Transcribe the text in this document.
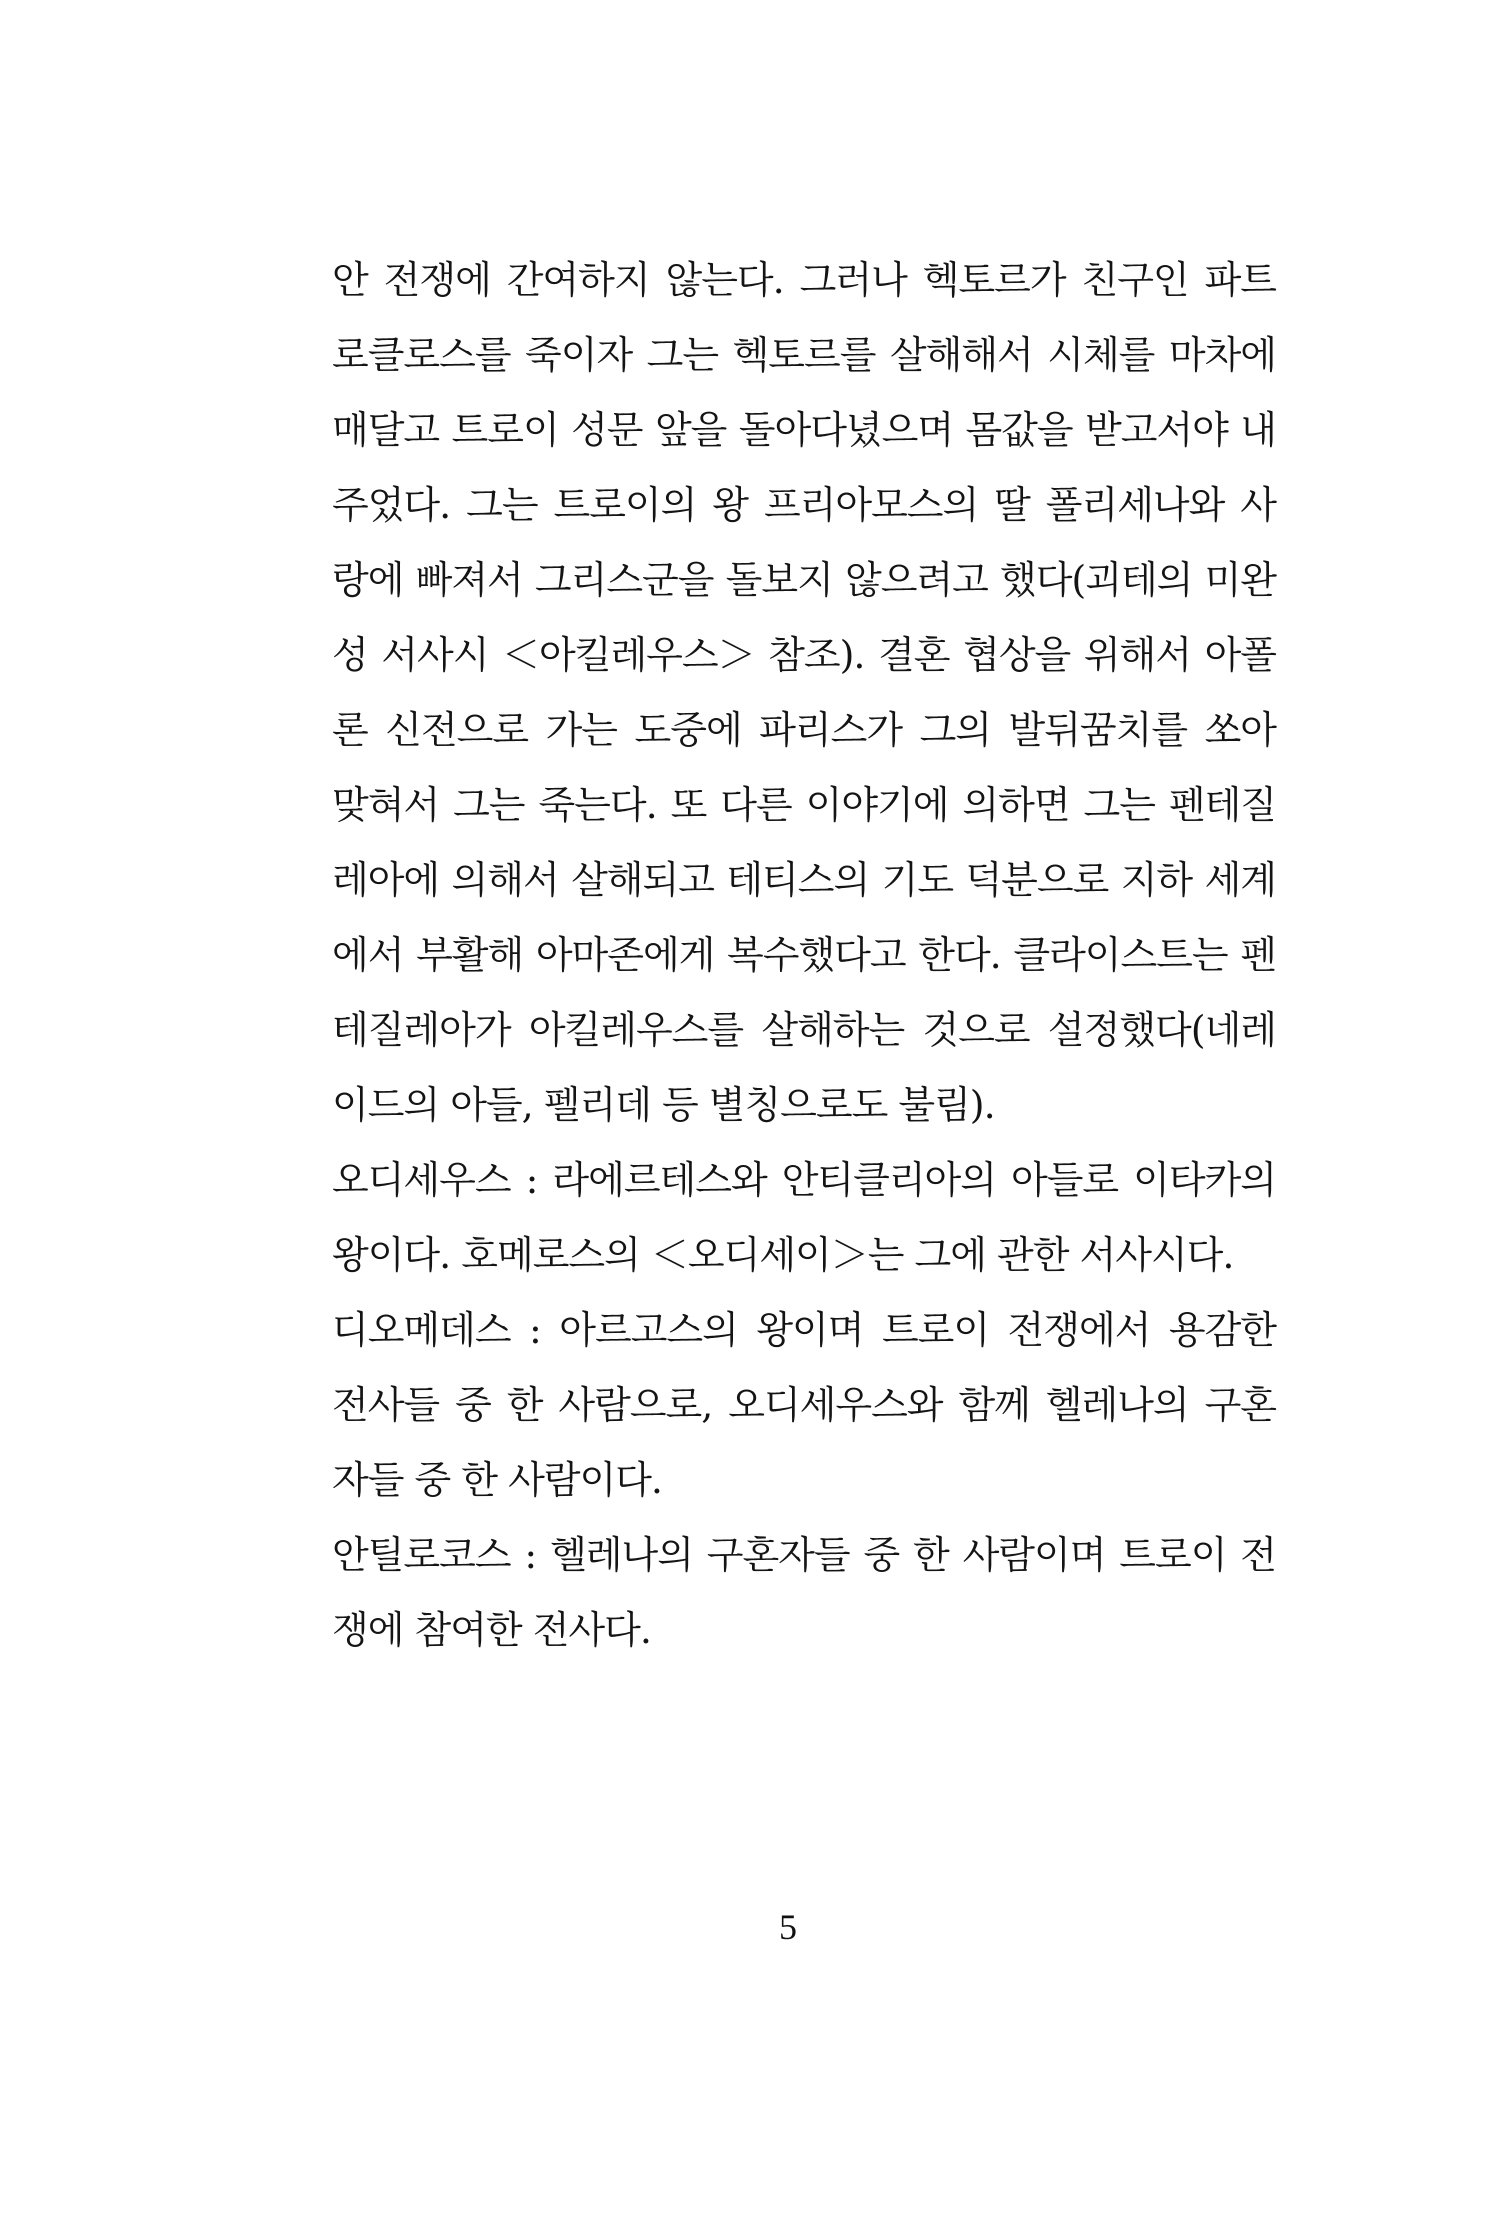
안 전쟁에 간여하지 않는다. 그러나 헥토르가 친구인 파트
로클로스를 죽이자 그는 헥토르를 살해해서 시체를 마차에
매달고 트로이 성문 앞을 돌아다녔으며 몸값을 받고서야 내
주었다. 그는 트로이의 왕 프리아모스의 딸 폴리세나와 사
랑에 빠져서 그리스군을 돌보지 않으려고 했다(괴테의 미완
성 서사시 ＜아킬레우스＞ 참조). 결혼 협상을 위해서 아폴
론 신전으로 가는 도중에 파리스가 그의 발뒤꿈치를 쏘아
맞혀서 그는 죽는다. 또 다른 이야기에 의하면 그는 펜테질
레아에 의해서 살해되고 테티스의 기도 덕분으로 지하 세계
에서 부활해 아마존에게 복수했다고 한다. 클라이스트는 펜
테질레아가 아킬레우스를 살해하는 것으로 설정했다(네레
이드의 아들, 펠리데 등 별칭으로도 불림).
오디세우스 : 라에르테스와 안티클리아의 아들로 이타카의
왕이다. 호메로스의 ＜오디세이＞는 그에 관한 서사시다.
디오메데스 : 아르고스의 왕이며 트로이 전쟁에서 용감한
전사들 중 한 사람으로, 오디세우스와 함께 헬레나의 구혼
자들 중 한 사람이다.
안틸로코스 : 헬레나의 구혼자들 중 한 사람이며 트로이 전
쟁에 참여한 전사다.
5
